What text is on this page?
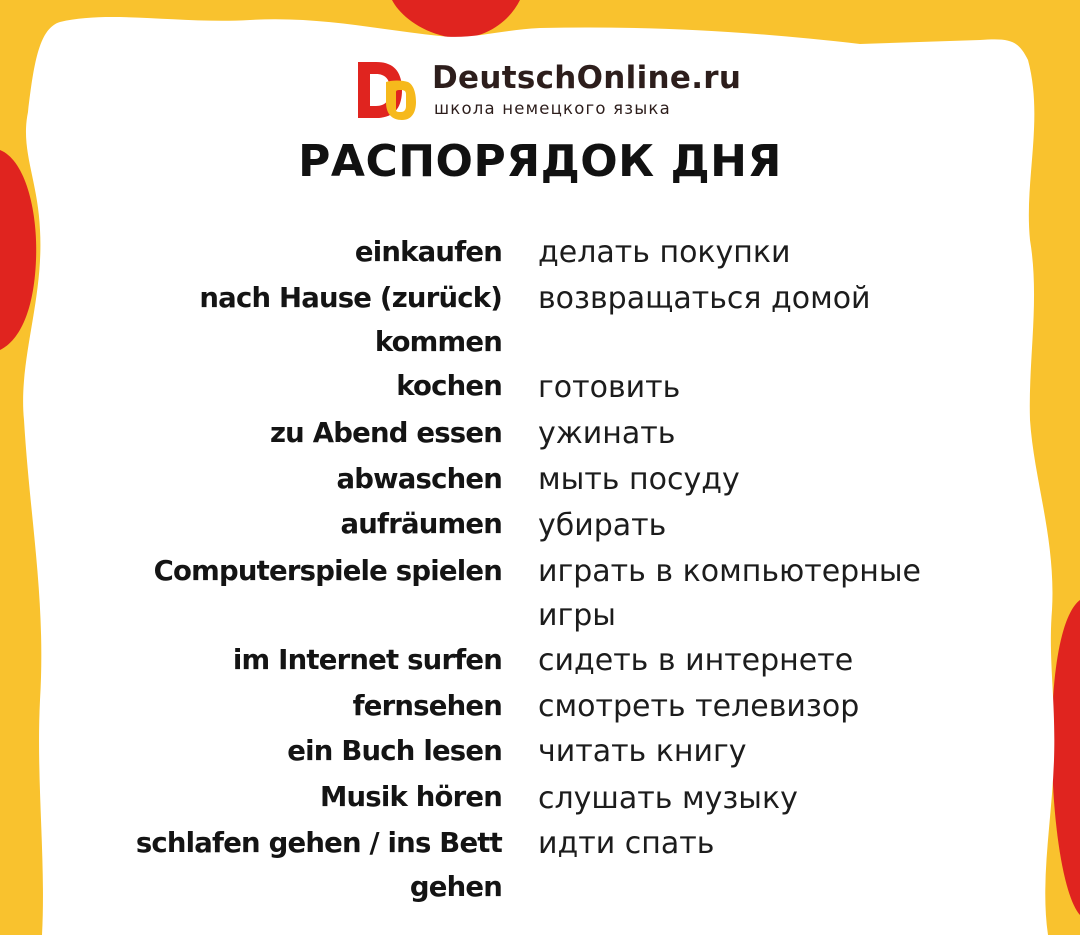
DeutschOnline.ru
школа немецкого языка
РАСПОРЯДОК ДНЯ
einkaufen делать покупки
nach Hause (zurück)
kommen
возвращаться домой
kochen готовить
zu Abend essen ужинать
abwaschen мыть посуду
aufräumen убирать
Computerspiele spielen играть в компьютерные
игры
im Internet surfen сидеть в интернете
fernsehen смотреть телевизор
ein Buch lesen читать книгу
Musik hören слушать музыку
schlafen gehen / ins Bett
gehen
идти спать
